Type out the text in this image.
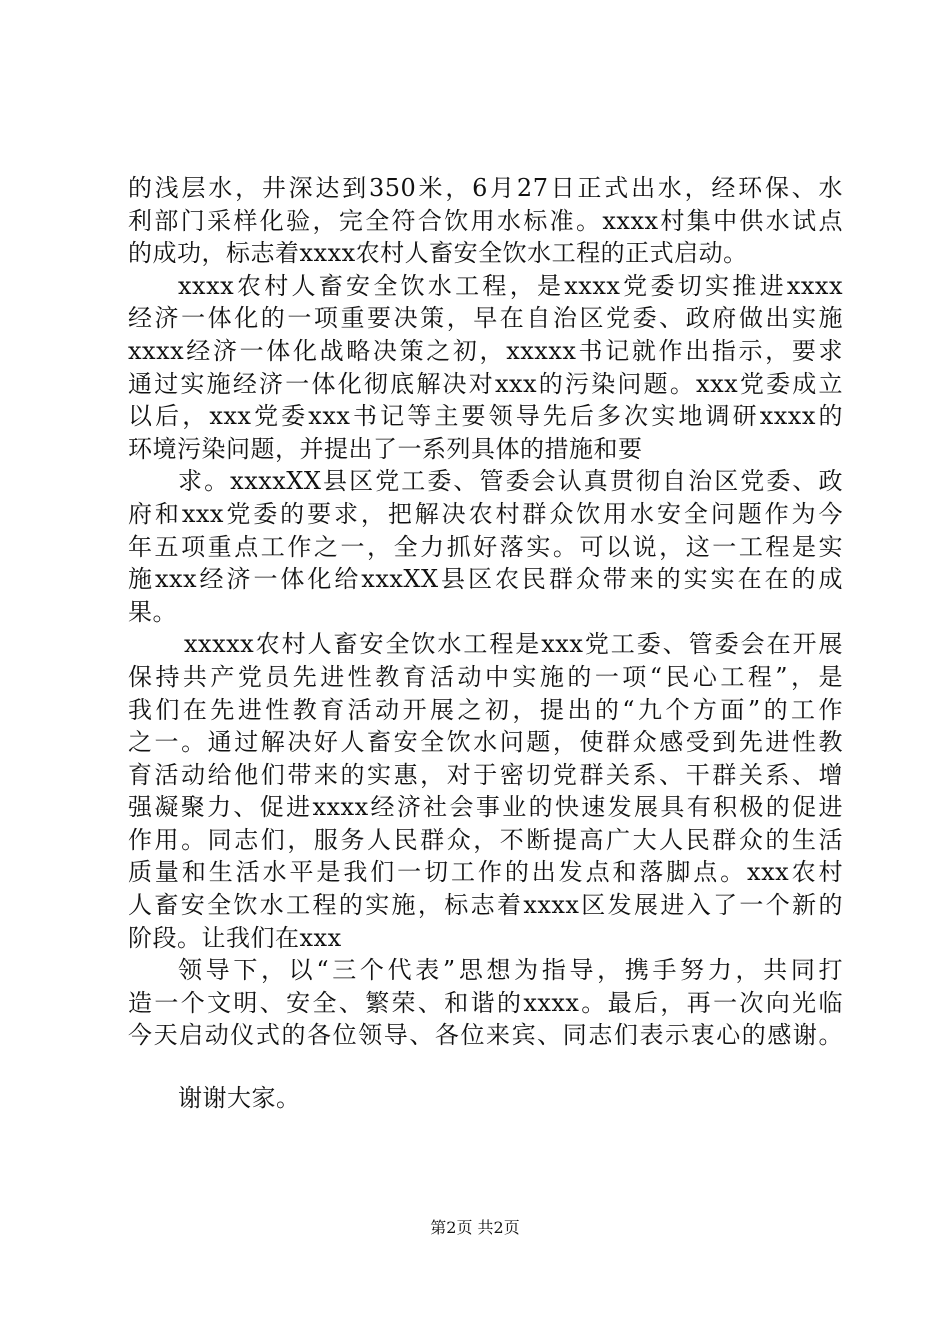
的浅层水，井深达到350米，6月27日正式出水，经环保、水
利部门采样化验，完全符合饮用水标准。xxxx村集中供水试点
的成功，标志着xxxx农村人畜安全饮水工程的正式启动。
xxxx农村人畜安全饮水工程，是xxxx党委切实推进xxxx
经济一体化的一项重要决策，早在自治区党委、政府做出实施
xxxx经济一体化战略决策之初，xxxxx书记就作出指示，要求
通过实施经济一体化彻底解决对xxx的污染问题。xxx党委成立
以后，xxx党委xxx书记等主要领导先后多次实地调研xxxx的
环境污染问题，并提出了一系列具体的措施和要
求。xxxxXX县区党工委、管委会认真贯彻自治区党委、政
府和xxx党委的要求，把解决农村群众饮用水安全问题作为今
年五项重点工作之一，全力抓好落实。可以说，这一工程是实
施xxx经济一体化给xxxXX县区农民群众带来的实实在在的成
果。
xxxxx农村人畜安全饮水工程是xxx党工委、管委会在开展
保持共产党员先进性教育活动中实施的一项“民心工程”，是
我们在先进性教育活动开展之初，提出的“九个方面”的工作
之一。通过解决好人畜安全饮水问题，使群众感受到先进性教
育活动给他们带来的实惠，对于密切党群关系、干群关系、增
强凝聚力、促进xxxx经济社会事业的快速发展具有积极的促进
作用。同志们，服务人民群众，不断提高广大人民群众的生活
质量和生活水平是我们一切工作的出发点和落脚点。xxx农村
人畜安全饮水工程的实施，标志着xxxx区发展进入了一个新的
阶段。让我们在xxx
领导下，以“三个代表”思想为指导，携手努力，共同打
造一个文明、安全、繁荣、和谐的xxxx。最后，再一次向光临
今天启动仪式的各位领导、各位来宾、同志们表示衷心的感谢。
谢谢大家。
第2页 共2页
